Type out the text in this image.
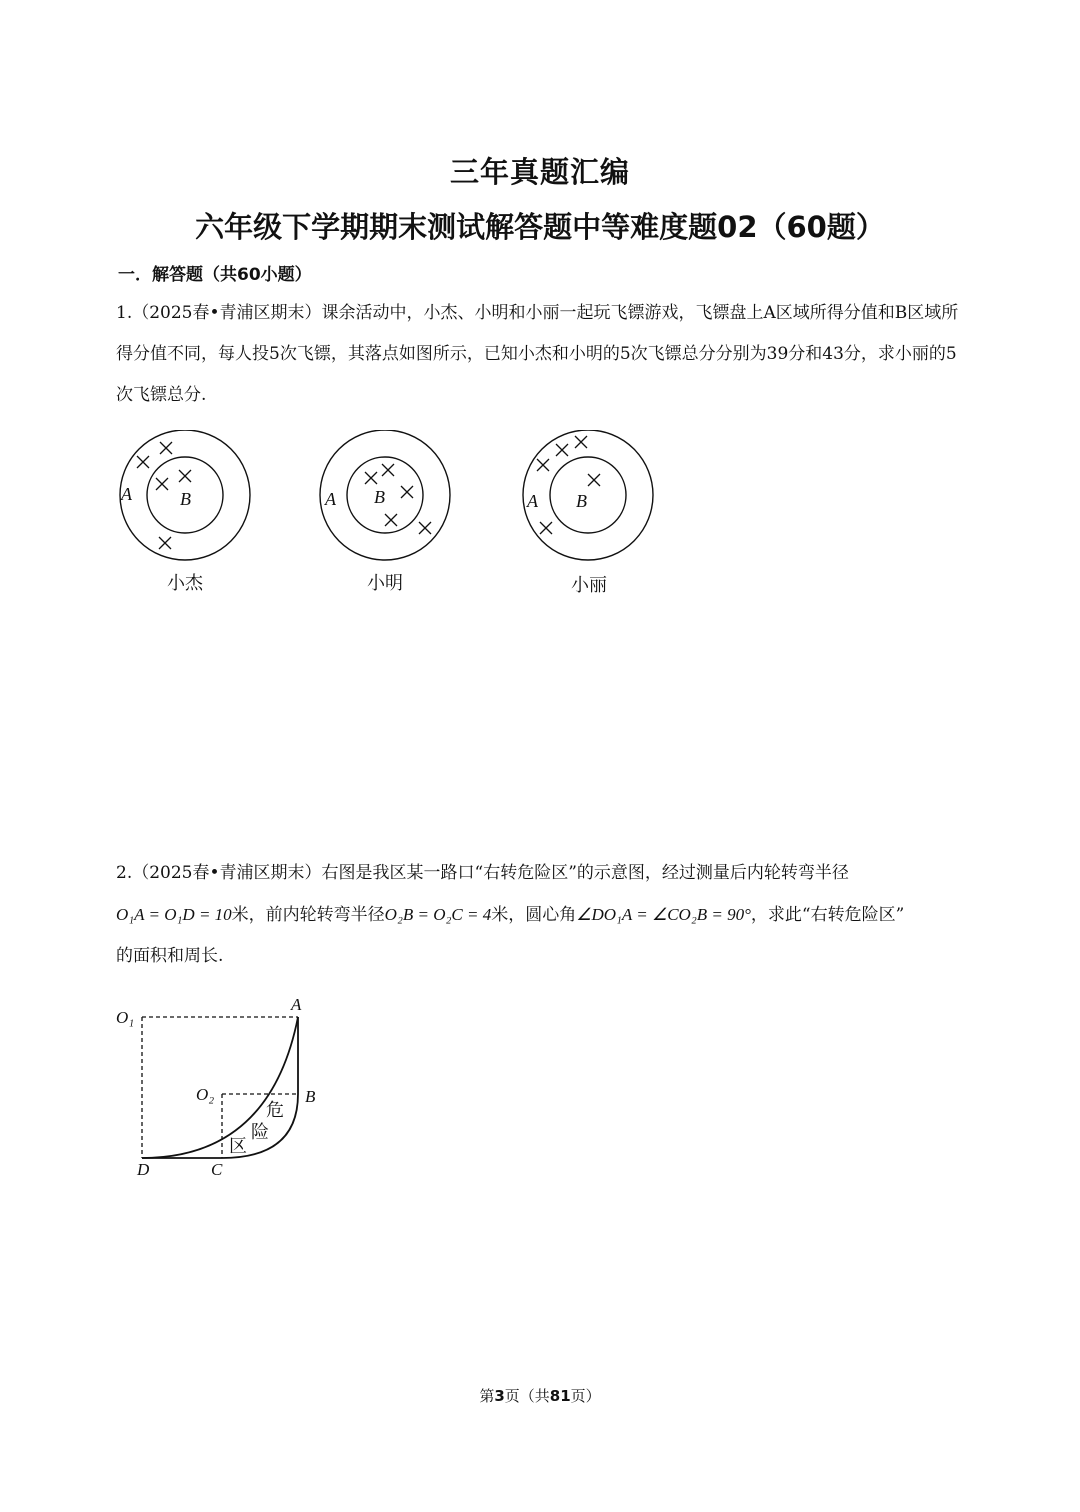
三年真题汇编
六年级下学期期末测试解答题中等难度题02（60题）
一．解答题（共60小题）
1.（2025春•青浦区期末）课余活动中，小杰、小明和小丽一起玩飞镖游戏，飞镖盘上A区域所得分值和B区域所得分值不同，每人投5次飞镖，其落点如图所示，已知小杰和小明的5次飞镖总分分别为39分和43分，求小丽的5次飞镖总分.
A	B	A B	A B
小杰	小明	小丽
2.（2025春•青浦区期末）右图是我区某一路口“右转危险区”的示意图，经过测量后内轮转弯半径
O₁A = O₁D = 10米，前内轮转弯半径O₂B = O₂C = 4米，圆心角∠DO₁A = ∠CO₂B = 90°，求此“右转危险区”
的面积和周长.
O₁
O₂
A
B
C
D
危
险
区
第3页（共81页）
